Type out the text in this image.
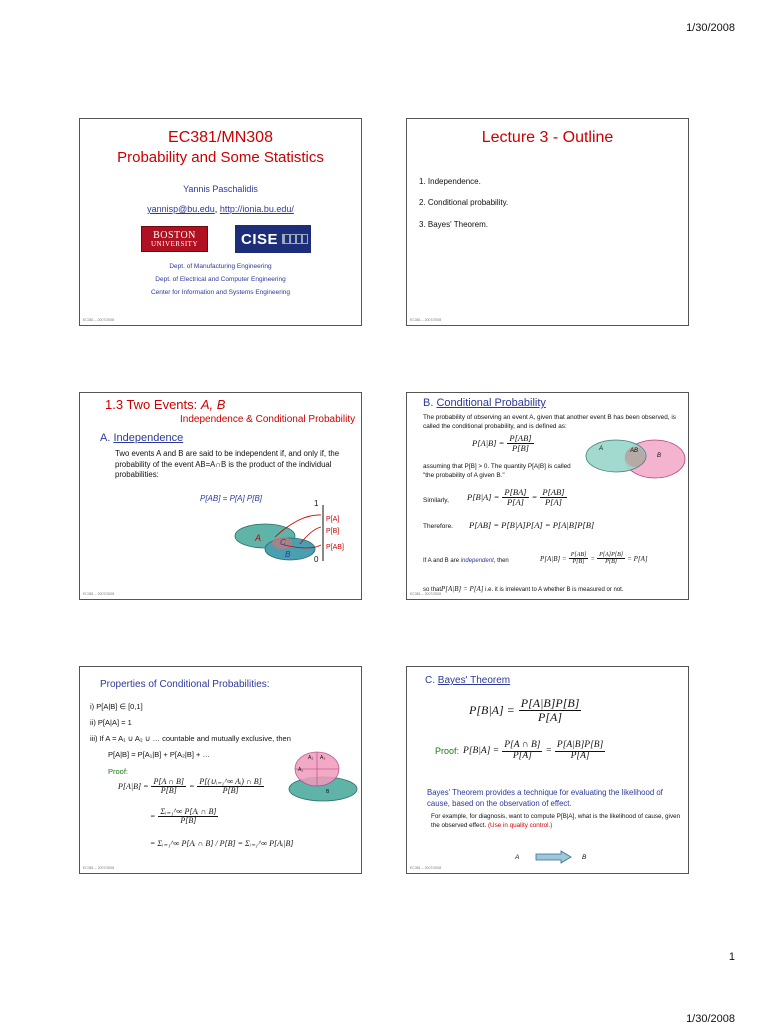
1/30/2008
EC381/MN308
Probability and Some Statistics
Yannis Paschalidis
yannisp@bu.edu, http://ionia.bu.edu/
BOSTON
UNIVERSITY	CISE
Dept. of Manufacturing Engineering
Dept. of Electrical and Computer Engineering
Center for Information and Systems Engineering
EC381 – 2007/2008
Lecture 3 - Outline
1. Independence.
2. Conditional probability.
3. Bayes' Theorem.
EC381 – 2007/2008
1.3 Two Events: A, B
Independence & Conditional Probability
A. Independence
Two events A and B are said to be independent if, and only if, the probability of the event AB=A∩B is the product of the individual probabilities:
P[AB] = P[A] P[B]
1
0
P[A]
P[B]
P[AB]
A C
B
EC381 – 2007/2008
B. Conditional Probability
The probability of observing an event A, given that another event B has been observed, is called the conditional probability, and is defined as:
$P[A|B] = \frac{P[AB]}{P[B]}$	A	AB
B
assuming that P[B] > 0. The quantity P[A|B] is called "the probability of A given B."
Similarly, $P[B|A] = \frac{P[BA]}{P[A]} = \frac{P[AB]}{P[A]}$
Therefore. P[AB] = P[B|A]P[A] = P[A|B]P[B]
If A and B are independent, then	$P[A|B] = \frac{P[AB]}{P[B]} = \frac{P[A]P[B]}{P[B]} = P[A]$
so thatP[A|B] = P[A] i.e. it is irrelevant to A whether B is measured or not.
EC381 – 2007/2008
Properties of Conditional Probabilities:
i) P[A|B] ∈ [0,1]
ii) P[A|A] = 1
iii) If A = A₁ ∪ A₂ ∪ … countable and mutually exclusive, then
P[A|B] = P[A₁|B] + P[A₂|B] + …
Proof:
$P[A|B] = \frac{P[A \cap B]}{P[B]} = \frac{\text{P[(∪ᵢ₌₁\textasciicircum{}∞ Aᵢ) ∩ B]}}{P[B]}$
= $\frac{\text{Σᵢ₌₁\textasciicircum{}∞ P[Aᵢ ∩ B]}}{P[B]}$
= Σᵢ₌₁^∞ P[Aᵢ ∩ B] / P[B] = Σᵢ₌₁^∞ P[Aᵢ|B]
A₂ A₃
A₁
B
EC381 – 2007/2008
C. Bayes' Theorem
$P[B|A] = \frac{P[A|B]P[B]}{P[A]}$
Proof: $P[B|A] = \frac{P[A \cap B]}{P[A]} = \frac{P[A|B]P[B]}{P[A]}$
Bayes' Theorem provides a technique for evaluating the likelihood of cause, based on the observation of effect.
For example, for diagnosis, want to compute P[B|A], what is the likelihood of cause, given the observed effect. (Use in quality control.)
A	B
EC381 – 2007/2008
1
1/30/2008
